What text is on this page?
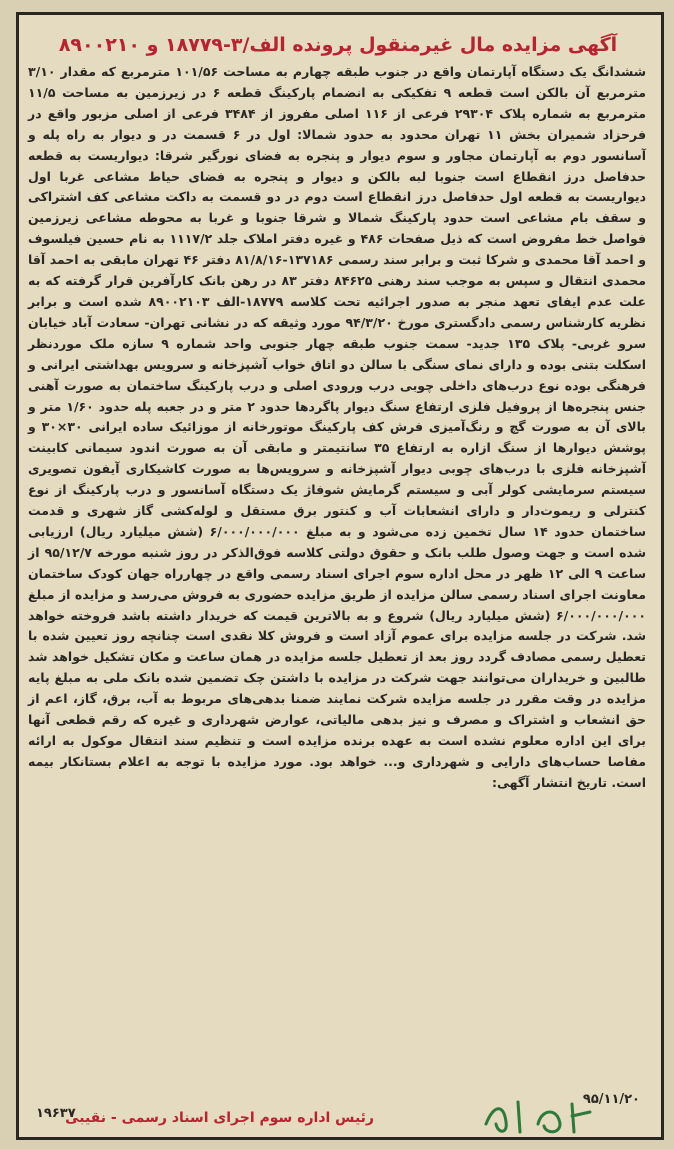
آگهی مزایده مال غیرمنقول پرونده الف/۳-۱۸۷۷۹ و ۸۹۰۰۲۱۰
ششدانگ یک دستگاه آپارتمان واقع در جنوب طبقه چهارم به مساحت ۱۰۱/۵۶ مترمربع که مقدار ۳/۱۰ مترمربع آن بالکن است قطعه ۹ تفکیکی به انضمام پارکینگ قطعه ۶ در زیرزمین به مساحت ۱۱/۵ مترمربع به شماره پلاک ۲۹۳۰۴ فرعی از ۱۱۶ اصلی مفروز از ۳۴۸۴ فرعی از اصلی مزبور واقع در فرحزاد شمیران بخش ۱۱ تهران محدود به حدود شمالا: اول در ۶ قسمت در و دیوار به راه پله و آسانسور دوم به آپارتمان مجاور و سوم دیوار و پنجره به فضای نورگیر شرقا: دیواریست به قطعه حدفاصل درز انقطاع است جنوبا لبه بالکن و دیوار و پنجره به فضای حیاط مشاعی غربا اول دیواریست به قطعه اول حدفاصل درز انقطاع است دوم در دو قسمت به داکت مشاعی کف اشتراکی و سقف بام مشاعی است حدود پارکینگ شمالا و شرقا جنوبا و غربا به محوطه مشاعی زیرزمین فواصل خط مفروض است که ذیل صفحات ۴۸۶ و غیره دفتر املاک جلد ۱۱۱۷/۲ به نام حسین فیلسوف و احمد آقا محمدی و شرکا ثبت و برابر سند رسمی ۱۳۷۱۸۶-۸۱/۸/۱۶ دفتر ۴۶ تهران مابقی به احمد آقا محمدی انتقال و سپس به موجب سند رهنی ۸۴۶۲۵ دفتر ۸۳ در رهن بانک کارآفرین قرار گرفته که به علت عدم ایفای تعهد منجر به صدور اجرائیه تحت کلاسه ۱۸۷۷۹-الف ۸۹۰۰۲۱۰۳ شده است و برابر نظریه کارشناس رسمی دادگستری مورخ ۹۴/۳/۲۰ مورد وثیقه که در نشانی تهران- سعادت آباد خیابان سرو غربی- پلاک ۱۳۵ جدید- سمت جنوب طبقه چهار جنوبی واحد شماره ۹ سازه ملک موردنظر اسکلت بتنی بوده و دارای نمای سنگی با سالن دو اتاق خواب آشپزخانه و سرویس بهداشتی ایرانی و فرهنگی بوده نوع درب‌های داخلی چوبی درب ورودی اصلی و درب پارکینگ ساختمان به صورت آهنی جنس پنجره‌ها از پروفیل فلزی ارتفاع سنگ دیوار پاگردها حدود ۲ متر و در جعبه پله حدود ۱/۶۰ متر و بالای آن به صورت گچ و رنگ‌آمیزی فرش کف پارکینگ موتورخانه از موزائیک ساده ایرانی ۳۰×۳۰ و پوشش دیوارها از سنگ ازاره به ارتفاع ۳۵ سانتیمتر و مابقی آن به صورت اندود سیمانی کابینت آشپزخانه فلزی با درب‌های چوبی دیوار آشپزخانه و سرویس‌ها به صورت کاشیکاری آیفون تصویری سیستم سرمایشی کولر آبی و سیستم گرمایش شوفاژ یک دستگاه آسانسور و درب پارکینگ از نوع کنترلی و ریموت‌دار و دارای انشعابات آب و کنتور برق مستقل و لوله‌کشی گاز شهری و قدمت ساختمان حدود ۱۴ سال تخمین زده می‌شود و به مبلغ ۶/۰۰۰/۰۰۰/۰۰۰ (شش میلیارد ریال) ارزیابی شده است و جهت وصول طلب بانک و حقوق دولتی کلاسه فوق‌الذکر در روز شنبه مورخه ۹۵/۱۲/۷ از ساعت ۹ الی ۱۲ ظهر در محل اداره سوم اجرای اسناد رسمی واقع در چهارراه جهان کودک ساختمان معاونت اجرای اسناد رسمی سالن مزایده از طریق مزایده حضوری به فروش می‌رسد و مزایده از مبلغ ۶/۰۰۰/۰۰۰/۰۰۰ (شش میلیارد ریال) شروع و به بالاترین قیمت که خریدار داشته باشد فروخته خواهد شد. شرکت در جلسه مزایده برای عموم آزاد است و فروش کلا نقدی است چنانچه روز تعیین شده با تعطیل رسمی مصادف گردد روز بعد از تعطیل جلسه مزایده در همان ساعت و مکان تشکیل خواهد شد طالبین و خریداران می‌توانند جهت شرکت در مزایده با داشتن چک تضمین شده بانک ملی به مبلغ پایه مزایده در وقت مقرر در جلسه مزایده شرکت نمایند ضمنا بدهی‌های مربوط به آب، برق، گاز، اعم از حق انشعاب و اشتراک و مصرف و نیز بدهی مالیاتی، عوارض شهرداری و غیره که رقم قطعی آنها برای این اداره معلوم نشده است به عهده برنده مزایده است و تنظیم سند انتقال موکول به ارائه مفاصا حساب‌های دارایی و شهرداری و... خواهد بود. مورد مزایده با توجه به اعلام بستانکار بیمه است. تاریخ انتشار آگهی:
۹۵/۱۱/۲۰
رئیس اداره سوم اجرای اسناد رسمی - نقیبی
۱۹۶۳۷
